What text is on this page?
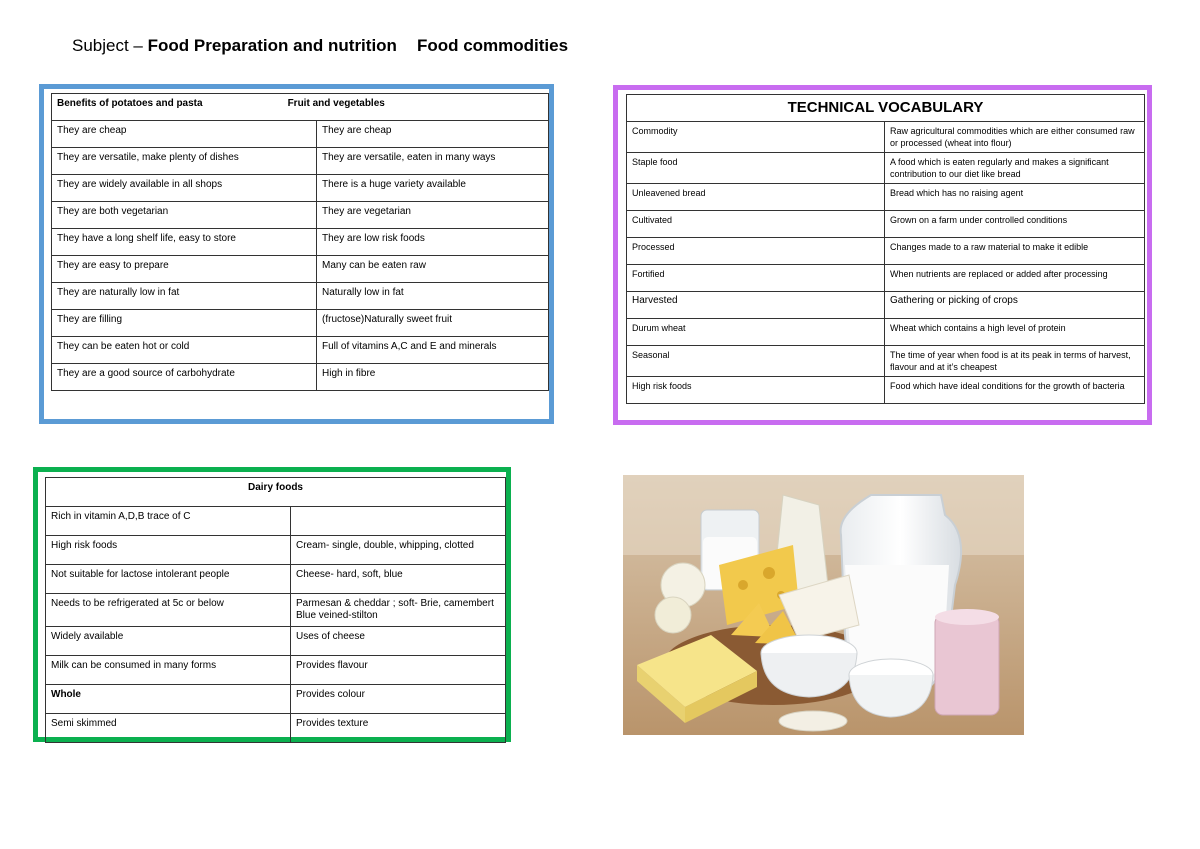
Subject – Food Preparation and nutrition Food commodities
Benefits of potatoes and pasta Fruit and vegetables	
They are cheap	They are cheap
They are versatile, make plenty of dishes	They are versatile, eaten in many ways
They are widely available in all shops	There is a huge variety available
They are both vegetarian	They are vegetarian
They have a long shelf life, easy to store	They are low risk foods
They are easy to prepare	Many can be eaten raw
They are naturally low in fat	Naturally low in fat
They are filling	(fructose)Naturally sweet fruit
They can be eaten hot or cold	Full of vitamins A,C and E and minerals
They are a good source of carbohydrate	High in fibre
TECHNICAL VOCABULARY	
Commodity	Raw agricultural commodities which are either consumed raw or processed (wheat into flour)
Staple food	A food which is eaten regularly and makes a significant contribution to our diet like bread
Unleavened bread	Bread which has no raising agent
Cultivated	Grown on a farm under controlled conditions
Processed	Changes made to a raw material to make it edible
Fortified	When nutrients are replaced or added after processing
Harvested	Gathering or picking of crops
Durum wheat	Wheat which contains a high level of protein
Seasonal	The time of year when food is at its peak in terms of harvest, flavour and at it’s cheapest
High risk foods	Food which have ideal conditions for the growth of bacteria
Dairy foods	
Rich in vitamin A,D,B trace of C	
High risk foods	Cream- single, double, whipping, clotted
Not suitable for lactose intolerant people	Cheese- hard, soft, blue
Needs to be refrigerated at 5c or below	Parmesan & cheddar ; soft- Brie, camembert Blue veined-stilton
Widely available	Uses of cheese
Milk can be consumed in many forms	Provides flavour
Whole	Provides colour
Semi skimmed	Provides texture
